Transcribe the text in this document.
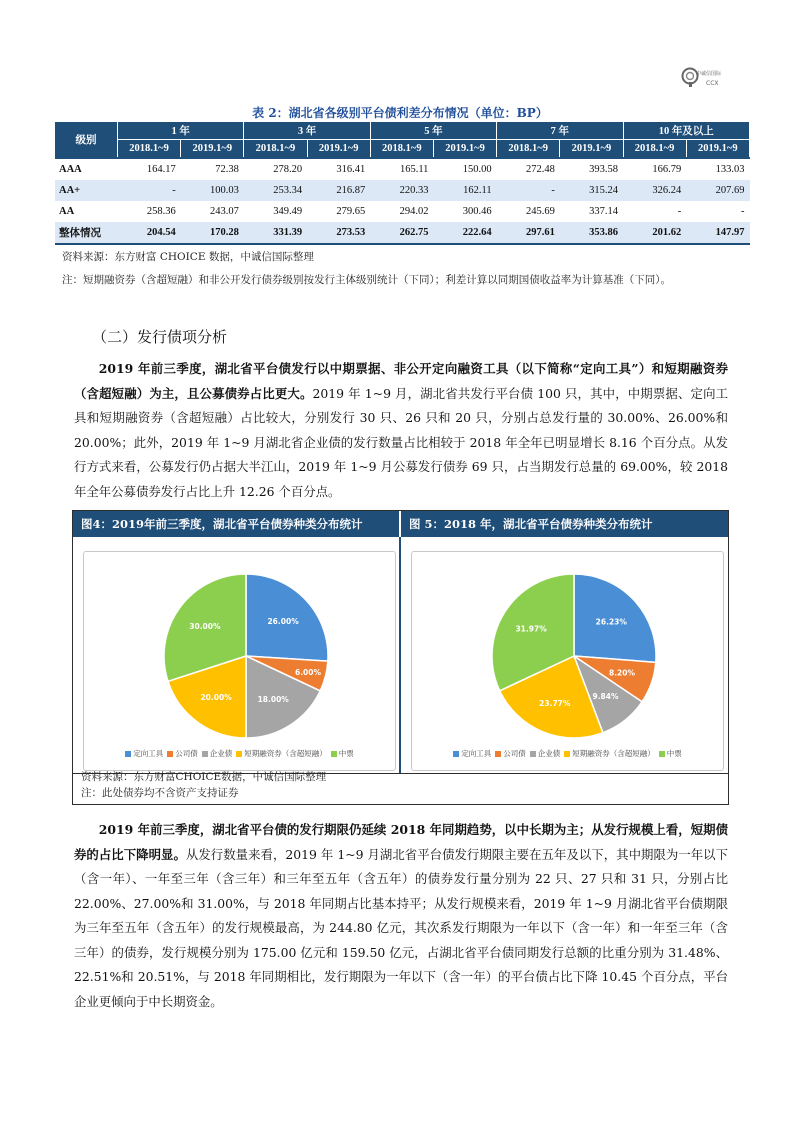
中诚信国际
CCX
表 2：湖北省各级别平台债利差分布情况（单位：BP）
级别	1 年		3 年		5 年		7 年		10 年及以上	
	2018.1~9	2019.1~9	2018.1~9	2019.1~9	2018.1~9	2019.1~9	2018.1~9	2019.1~9	2018.1~9	2019.1~9
AAA	164.17	72.38	278.20	316.41	165.11	150.00	272.48	393.58	166.79	133.03
AA+	-	100.03	253.34	216.87	220.33	162.11	-	315.24	326.24	207.69
AA	258.36	243.07	349.49	279.65	294.02	300.46	245.69	337.14	-	-
整体情况	204.54	170.28	331.39	273.53	262.75	222.64	297.61	353.86	201.62	147.97
资料来源：东方财富 CHOICE 数据，中诚信国际整理
注：短期融资券（含超短融）和非公开发行债券级别按发行主体级别统计（下同）；利差计算以同期国债收益率为计算基准（下同）。
（二）发行债项分析

2019 年前三季度，湖北省平台债发行以中期票据、非公开定向融资工具（以下简称“定向工具”）和短期融资券（含超短融）为主，且公募债券占比更大。2019 年 1~9 月，湖北省共发行平台债 100 只，其中，中期票据、定向工具和短期融资券（含超短融）占比较大，分别发行 30 只、26 只和 20 只，分别占总发行量的 30.00%、26.00%和 20.00%；此外，2019 年 1~9 月湖北省企业债的发行数量占比相较于 2018 年全年已明显增长 8.16 个百分点。从发行方式来看，公募发行仍占据大半江山，2019 年 1~9 月公募发行债券 69 只，占当期发行总量的 69.00%，较 2018 年全年公募债券发行占比上升 12.26 个百分点。

图4：2019年前三季度，湖北省平台债券种类分布统计	图 5：2018 年，湖北省平台债券种类分布统计
26.00%
6.00%
18.00%
20.00%
30.00%
定向工具 公司债 企业债 短期融资券（含超短融） 中票
26.23%
8.20%
9.84%
23.77%
31.97%
定向工具 公司债 企业债 短期融资券（含超短融） 中票
资料来源：东方财富CHOICE数据，中诚信国际整理
注：此处债券均不含资产支持证券

2019 年前三季度，湖北省平台债的发行期限仍延续 2018 年同期趋势，以中长期为主；从发行规模上看，短期债券的占比下降明显。从发行数量来看，2019 年 1~9 月湖北省平台债发行期限主要在五年及以下，其中期限为一年以下（含一年）、一年至三年（含三年）和三年至五年（含五年）的债券发行量分别为 22 只、27 只和 31 只，分别占比 22.00%、27.00%和 31.00%，与 2018 年同期占比基本持平；从发行规模来看，2019 年 1~9 月湖北省平台债期限为三年至五年（含五年）的发行规模最高，为 244.80 亿元，其次系发行期限为一年以下（含一年）和一年至三年（含三年）的债券，发行规模分别为 175.00 亿元和 159.50 亿元，占湖北省平台债同期发行总额的比重分别为 31.48%、22.51%和 20.51%，与 2018 年同期相比，发行期限为一年以下（含一年）的平台债占比下降 10.45 个百分点，平台企业更倾向于中长期资金。
